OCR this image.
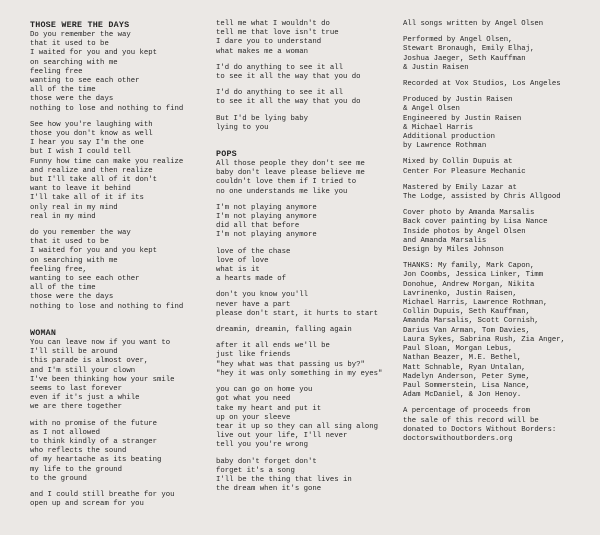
THOSE WERE THE DAYS
Do you remember the way
that it used to be
I waited for you and you kept
on searching with me
feeling free
wanting to see each other
all of the time
those were the days
nothing to lose and nothing to find
See how you're laughing with
those you don't know as well
I hear you say I'm the one
but I wish I could tell
Funny how time can make you realize
and realize and then realize
but I'll take all of it don't
want to leave it behind
I'll take all of it if its
only real in my mind
real in my mind
do you remember the way
that it used to be
I waited for you and you kept
on searching with me
feeling free,
wanting to see each other
all of the time
those were the days
nothing to lose and nothing to find
WOMAN
You can leave now if you want to
I'll still be around
this parade is almost over,
and I'm still your clown
I've been thinking how your smile
seems to last forever
even if it's just a while
we are there together
with no promise of the future
as I not allowed
to think kindly of a stranger
who reflects the sound
of my heartache as its beating
my life to the ground
to the ground
and I could still breathe for you
open up and scream for you
tell me what I wouldn't do
tell me that love isn't true
I dare you to understand
what makes me a woman
I'd do anything to see it all
to see it all the way that you do
I'd do anything to see it all
to see it all the way that you do
But I'd be lying baby
lying to you
POPS
All those people they don't see me
baby don't leave please believe me
couldn't love them if I tried to
no one understands me like you
I'm not playing anymore
I'm not playing anymore
did all that before
I'm not playing anymore
love of the chase
love of love
what is it
a hearts made of
don't you know you'll
never have a part
please don't start, it hurts to start
dreamin, dreamin, falling again
after it all ends we'll be
just like friends
"hey what was that passing us by?"
"hey it was only something in my eyes"
you can go on home you
got what you need
take my heart and put it
up on your sleeve
tear it up so they can all sing along
live out your life, I'll never
tell you you're wrong
baby don't forget don't
forget it's a song
I'll be the thing that lives in
the dream when it's gone
All songs written by Angel Olsen
Performed by Angel Olsen,
Stewart Bronaugh, Emily Elhaj,
Joshua Jaeger, Seth Kauffman
& Justin Raisen
Recorded at Vox Studios, Los Angeles
Produced by Justin Raisen
& Angel Olsen
Engineered by Justin Raisen
& Michael Harris
Additional production
by Lawrence Rothman
Mixed by Collin Dupuis at
Center For Pleasure Mechanic
Mastered by Emily Lazar at
The Lodge, assisted by Chris Allgood
Cover photo by Amanda Marsalis
Back cover painting by Lisa Nance
Inside photos by Angel Olsen
and Amanda Marsalis
Design by Miles Johnson
THANKS: My family, Mark Capon,
Jon Coombs, Jessica Linker, Timm
Donohue, Andrew Morgan, Nikita
Lavrinenko, Justin Raisen,
Michael Harris, Lawrence Rothman,
Collin Dupuis, Seth Kauffman,
Amanda Marsalis, Scott Cornish,
Darius Van Arman, Tom Davies,
Laura Sykes, Sabrina Rush, Zia Anger,
Paul Sloan, Morgan Lebus,
Nathan Beazer, M.E. Bethel,
Matt Schnable, Ryan Untalan,
Madelyn Anderson, Peter Syme,
Paul Sommerstein, Lisa Nance,
Adam McDaniel, & Jon Henoy.
A percentage of proceeds from
the sale of this record will be
donated to Doctors Without Borders:
doctorswithoutborders.org
